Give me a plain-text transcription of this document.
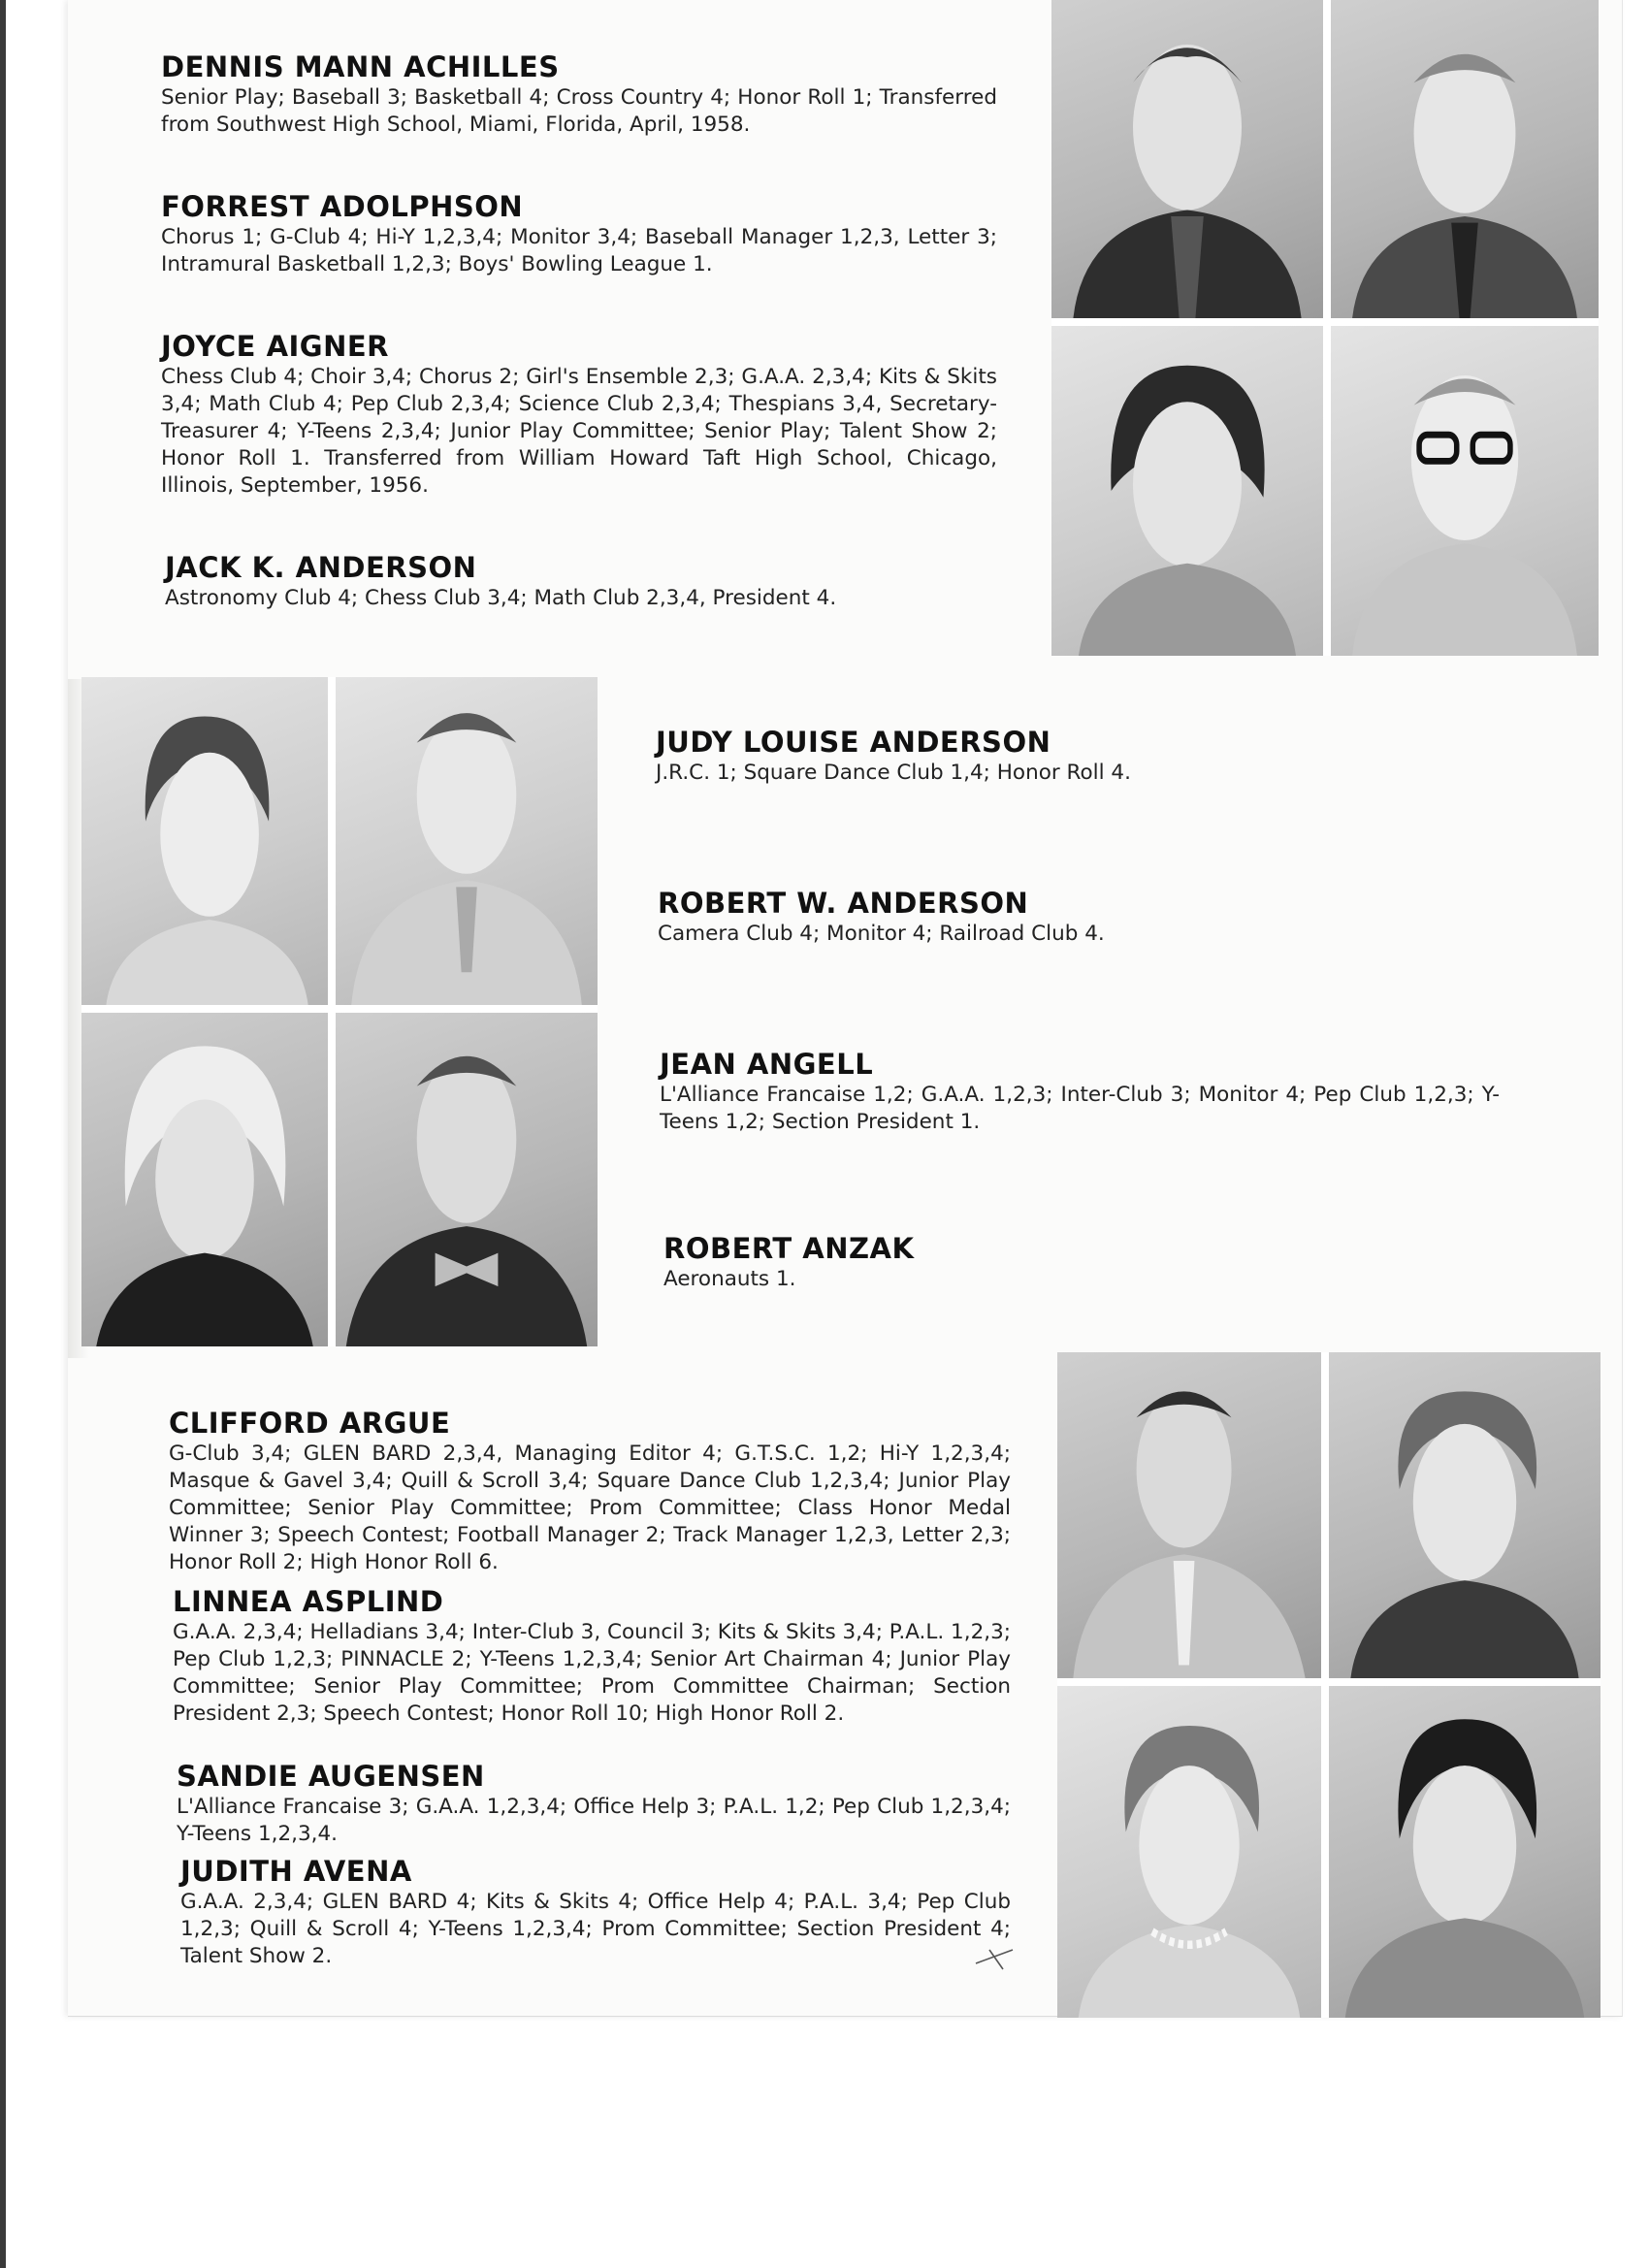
DENNIS MANN ACHILLES
Senior Play; Baseball 3; Basketball 4; Cross Country 4; Honor Roll 1; Transferred from Southwest High School, Miami, Florida, April, 1958.
FORREST ADOLPHSON
Chorus 1; G-Club 4; Hi-Y 1,2,3,4; Monitor 3,4; Baseball Manager 1,2,3, Letter 3; Intramural Basketball 1,2,3; Boys' Bowling League 1.
JOYCE AIGNER
Chess Club 4; Choir 3,4; Chorus 2; Girl's Ensemble 2,3; G.A.A. 2,3,4; Kits & Skits 3,4; Math Club 4; Pep Club 2,3,4; Science Club 2,3,4; Thespians 3,4, Secretary-Treasurer 4; Y-Teens 2,3,4; Junior Play Committee; Senior Play; Talent Show 2; Honor Roll 1. Transferred from William Howard Taft High School, Chicago, Illinois, September, 1956.
JACK K. ANDERSON
Astronomy Club 4; Chess Club 3,4; Math Club 2,3,4, President 4.
JUDY LOUISE ANDERSON
J.R.C. 1; Square Dance Club 1,4; Honor Roll 4.
ROBERT W. ANDERSON
Camera Club 4; Monitor 4; Railroad Club 4.
JEAN ANGELL
L'Alliance Francaise 1,2; G.A.A. 1,2,3; Inter-Club 3; Monitor 4; Pep Club 1,2,3; Y-Teens 1,2; Section President 1.
ROBERT ANZAK
Aeronauts 1.
CLIFFORD ARGUE
G-Club 3,4; GLEN BARD 2,3,4, Managing Editor 4; G.T.S.C. 1,2; Hi-Y 1,2,3,4; Masque & Gavel 3,4; Quill & Scroll 3,4; Square Dance Club 1,2,3,4; Junior Play Committee; Senior Play Committee; Prom Committee; Class Honor Medal Winner 3; Speech Contest; Football Manager 2; Track Manager 1,2,3, Letter 2,3; Honor Roll 2; High Honor Roll 6.
LINNEA ASPLIND
G.A.A. 2,3,4; Helladians 3,4; Inter-Club 3, Council 3; Kits & Skits 3,4; P.A.L. 1,2,3; Pep Club 1,2,3; PINNACLE 2; Y-Teens 1,2,3,4; Senior Art Chairman 4; Junior Play Committee; Senior Play Committee; Prom Committee Chairman; Section President 2,3; Speech Contest; Honor Roll 10; High Honor Roll 2.
SANDIE AUGENSEN
L'Alliance Francaise 3; G.A.A. 1,2,3,4; Office Help 3; P.A.L. 1,2; Pep Club 1,2,3,4; Y-Teens 1,2,3,4.
JUDITH AVENA
G.A.A. 2,3,4; GLEN BARD 4; Kits & Skits 4; Office Help 4; P.A.L. 3,4; Pep Club 1,2,3; Quill & Scroll 4; Y-Teens 1,2,3,4; Prom Committee; Section President 4; Talent Show 2.
